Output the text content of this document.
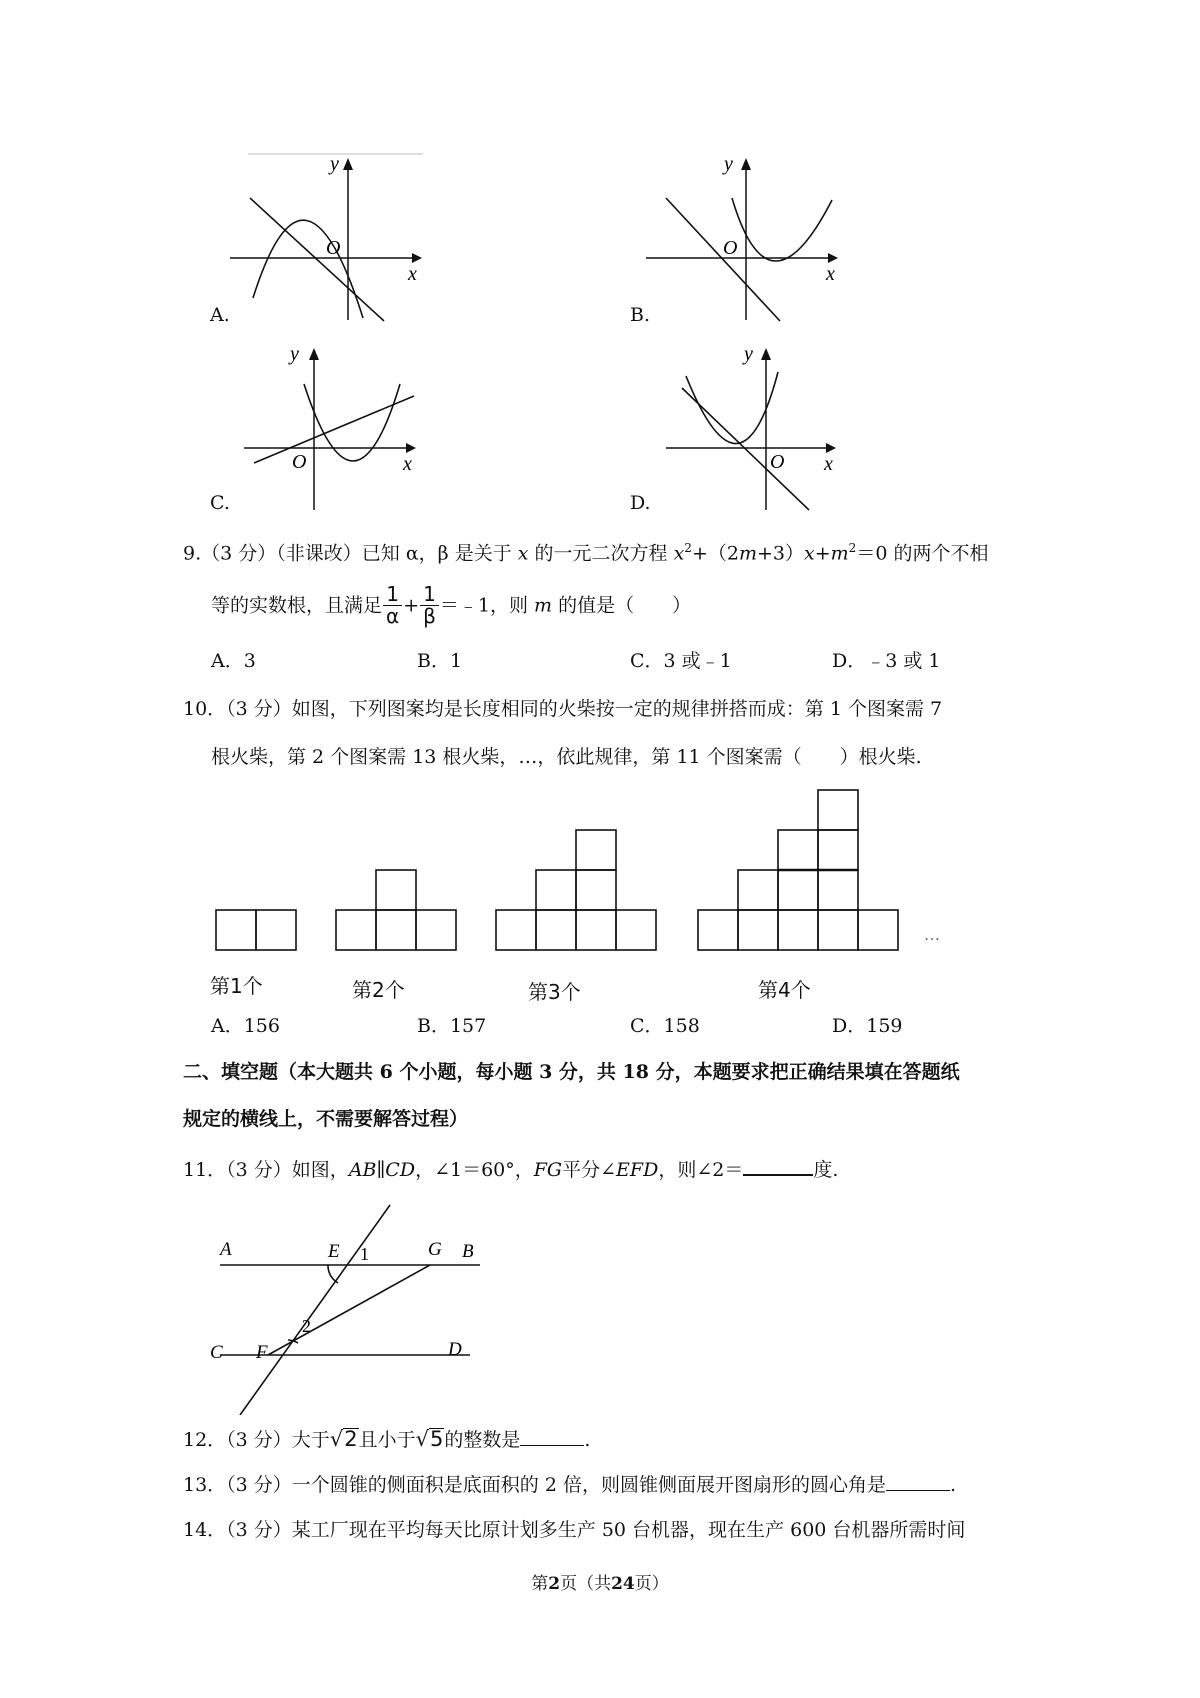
A.
y
x
O
B.
y
x
O
C.
y
x
O
D.
y
x
O
9.（3 分）（非课改）已知 α，β 是关于 x 的一元二次方程 $x^2+(2m+3)x+m^2=0$ 的两个不相
等的实数根，且满足 $\frac{1}{\alpha} + \frac{1}{\beta}$ ＝﹣1，则 m 的值是（　　）
A．3	B．1	C．3 或﹣1	D．﹣3 或 1
10．（3 分）如图，下列图案均是长度相同的火柴按一定的规律拼搭而成：第 1 个图案需 7
根火柴，第 2 个图案需 13 根火柴，…，依此规律，第 11 个图案需（　　）根火柴.
…
第1个	第2个	第3个	第4个
A．156	B．157	C．158	D．159
二、填空题（本大题共 6 个小题，每小题 3 分，共 18 分，本题要求把正确结果填在答题纸
规定的横线上，不需要解答过程）
11．（3 分）如图，AB∥CD，∠1＝60°，FG平分∠EFD，则∠2＝	度.
A	E 1	G B
C F
2
D
12．（3 分）大于√2且小于√5的整数是	.
13．（3 分）一个圆锥的侧面积是底面积的 2 倍，则圆锥侧面展开图扇形的圆心角是	.
14．（3 分）某工厂现在平均每天比原计划多生产 50 台机器，现在生产 600 台机器所需时间
第2页（共24页）
